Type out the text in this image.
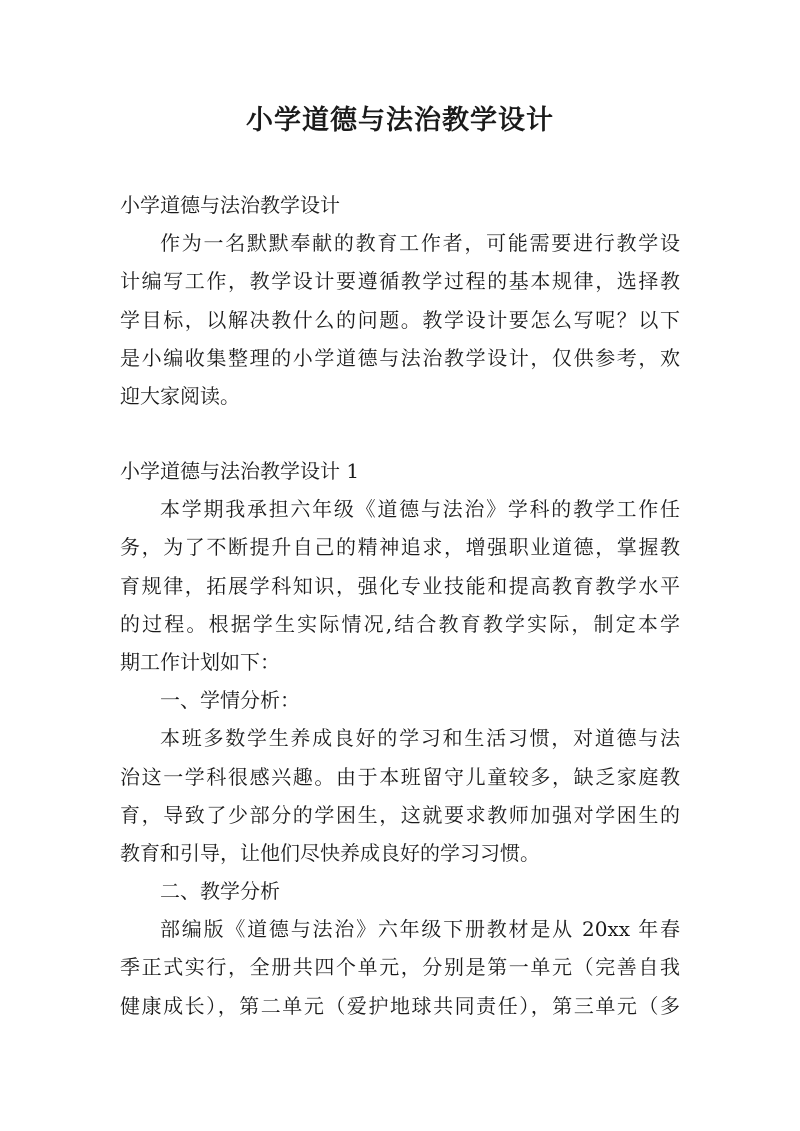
小学道德与法治教学设计
小学道德与法治教学设计
作为一名默默奉献的教育工作者，可能需要进行教学设
计编写工作，教学设计要遵循教学过程的基本规律，选择教
学目标，以解决教什么的问题。教学设计要怎么写呢？以下
是小编收集整理的小学道德与法治教学设计，仅供参考，欢
迎大家阅读。
小学道德与法治教学设计 1
本学期我承担六年级《道德与法治》学科的教学工作任
务，为了不断提升自己的精神追求，增强职业道德，掌握教
育规律，拓展学科知识，强化专业技能和提高教育教学水平
的过程。根据学生实际情况,结合教育教学实际，制定本学
期工作计划如下：
一、学情分析：
本班多数学生养成良好的学习和生活习惯，对道德与法
治这一学科很感兴趣。由于本班留守儿童较多，缺乏家庭教
育，导致了少部分的学困生，这就要求教师加强对学困生的
教育和引导，让他们尽快养成良好的学习习惯。
二、教学分析
部编版《道德与法治》六年级下册教材是从 20xx 年春
季正式实行，全册共四个单元，分别是第一单元（完善自我
健康成长），第二单元（爱护地球共同责任），第三单元（多
